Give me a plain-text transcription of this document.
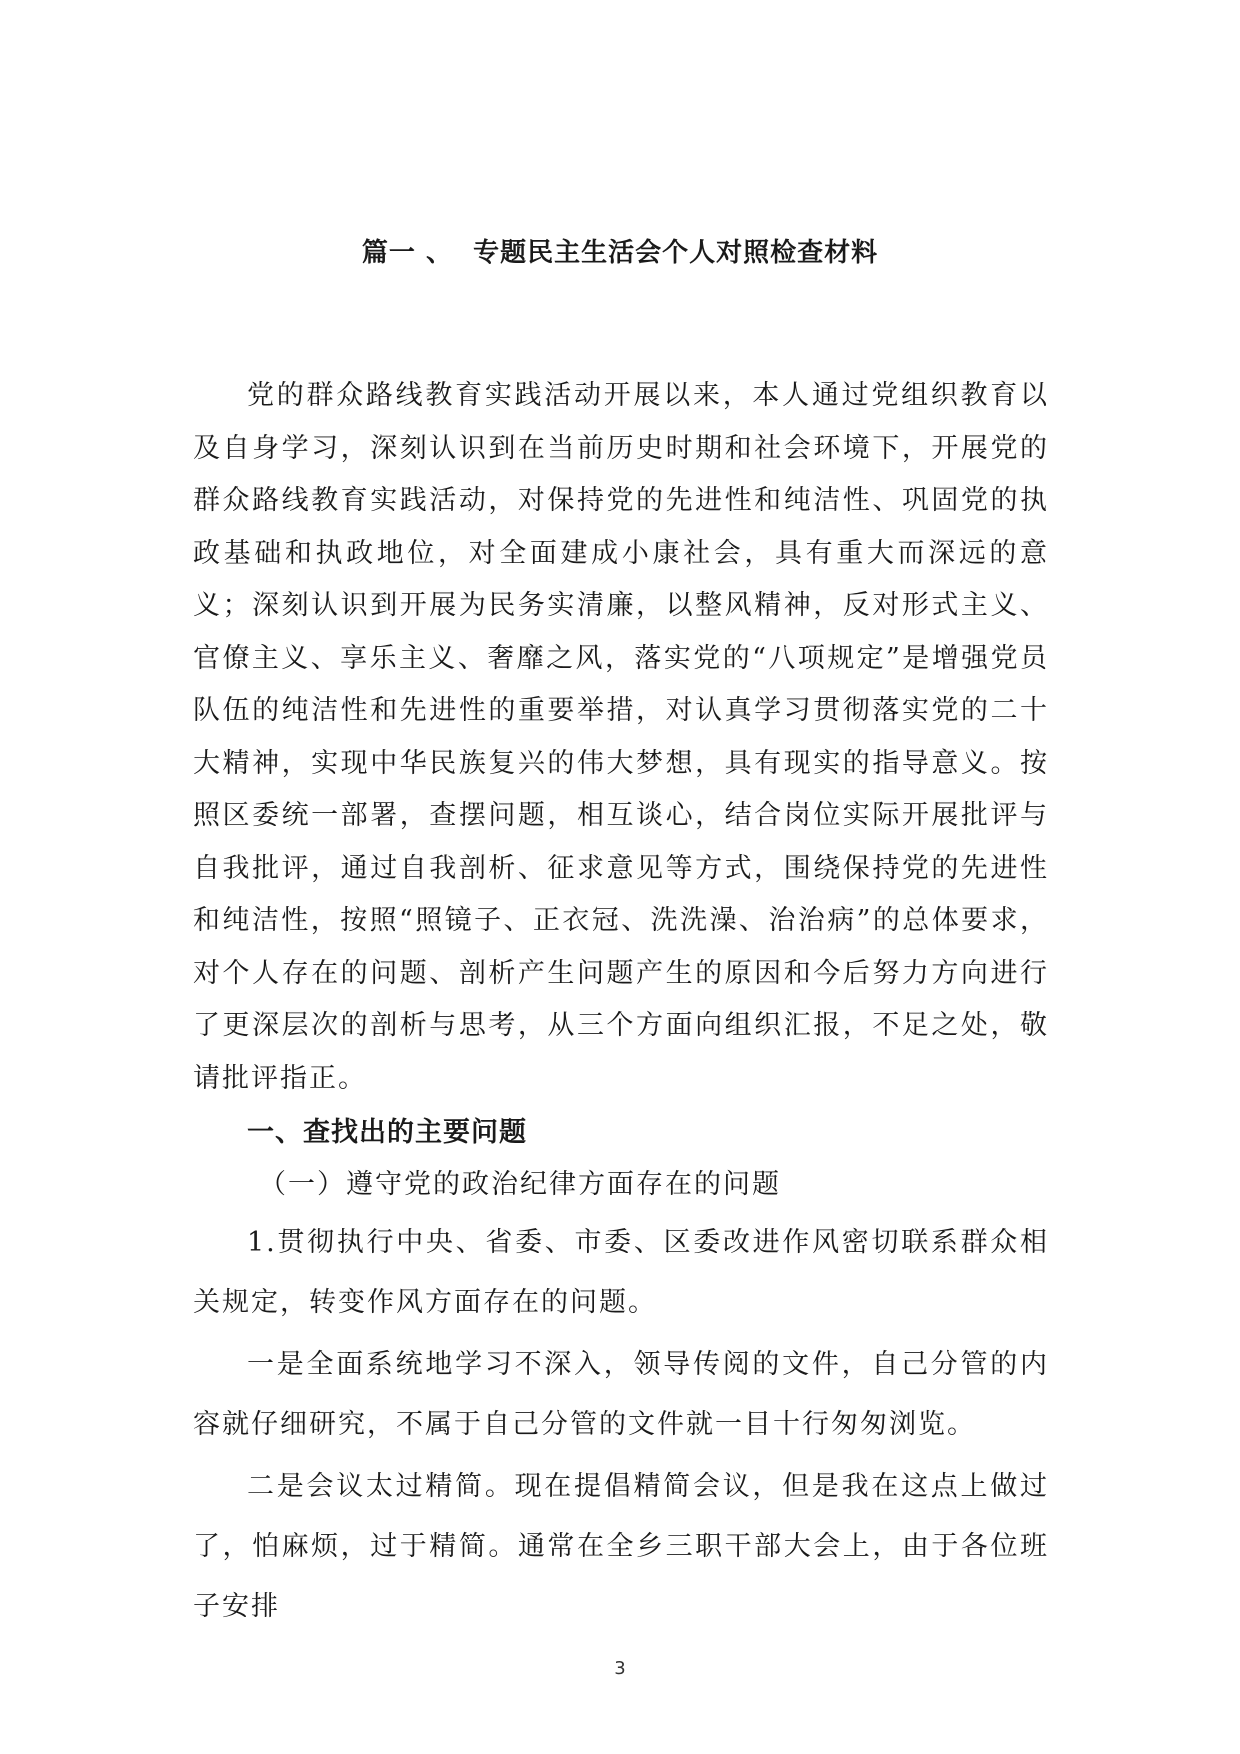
篇一 、  专题民主生活会个人对照检查材料

党的群众路线教育实践活动开展以来，本人通过党组织教育以及自身学习，深刻认识到在当前历史时期和社会环境下，开展党的群众路线教育实践活动，对保持党的先进性和纯洁性、巩固党的执政基础和执政地位，对全面建成小康社会，具有重大而深远的意义；深刻认识到开展为民务实清廉，以整风精神，反对形式主义、官僚主义、享乐主义、奢靡之风，落实党的“八项规定”是增强党员队伍的纯洁性和先进性的重要举措，对认真学习贯彻落实党的二十大精神，实现中华民族复兴的伟大梦想，具有现实的指导意义。按照区委统一部署，查摆问题，相互谈心，结合岗位实际开展批评与自我批评，通过自我剖析、征求意见等方式，围绕保持党的先进性和纯洁性，按照“照镜子、正衣冠、洗洗澡、治治病”的总体要求，对个人存在的问题、剖析产生问题产生的原因和今后努力方向进行了更深层次的剖析与思考，从三个方面向组织汇报，不足之处，敬请批评指正。

一、查找出的主要问题

（一）遵守党的政治纪律方面存在的问题

1.贯彻执行中央、省委、市委、区委改进作风密切联系群众相关规定，转变作风方面存在的问题。

一是全面系统地学习不深入，领导传阅的文件，自己分管的内容就仔细研究，不属于自己分管的文件就一目十行匆匆浏览。

二是会议太过精简。现在提倡精简会议，但是我在这点上做过了，怕麻烦，过于精简。通常在全乡三职干部大会上，由于各位班子安排

3
